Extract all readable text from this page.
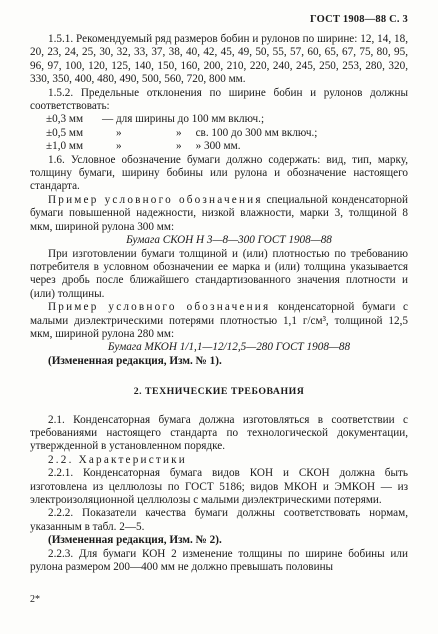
ГОСТ 1908—88 С. 3

1.5.1. Рекомендуемый ряд размеров бобин и рулонов по ширине: 12, 14, 18, 20, 23, 24, 25, 30, 32, 33, 37, 38, 40, 42, 45, 49, 50, 55, 57, 60, 65, 67, 75, 80, 95, 96, 97, 100, 120, 125, 140, 150, 160, 200, 210, 220, 240, 245, 250, 253, 280, 320, 330, 350, 400, 480, 490, 500, 560, 720, 800 мм.

1.5.2. Предельные отклонения по ширине бобин и рулонов должны соответствовать:

±0,3 мм	— для ширины до 100 мм включ.;
±0,5 мм	»	»     св. 100 до 300 мм включ.;
±1,0 мм	»	»     » 300 мм.

1.6. Условное обозначение бумаги должно содержать: вид, тип, марку, толщину бумаги, ширину бобины или рулона и обозначение настоящего стандарта.

Пример условного обозначения специальной конденсаторной бумаги повышенной надежности, низкой влажности, марки 3, толщиной 8 мкм, шириной рулона 300 мм:

Бумага СКОН Н 3—8—300 ГОСТ 1908—88

При изготовлении бумаги толщиной и (или) плотностью по требованию потребителя в условном обозначении ее марка и (или) толщина указывается через дробь после ближайшего стандартизованного значения плотности и (или) толщины.

Пример условного обозначения конденсаторной бумаги с малыми диэлектрическими потерями плотностью 1,1 г/см³, толщиной 12,5 мкм, шириной рулона 280 мм:

Бумага МКОН 1/1,1—12/12,5—280 ГОСТ 1908—88

(Измененная редакция, Изм. № 1).

2. ТЕХНИЧЕСКИЕ ТРЕБОВАНИЯ

2.1. Конденсаторная бумага должна изготовляться в соответствии с требованиями настоящего стандарта по технологической документации, утвержденной в установленном порядке.

2.2. Характеристики

2.2.1. Конденсаторная бумага видов КОН и СКОН должна быть изготовлена из целлюлозы по ГОСТ 5186; видов МКОН и ЭМКОН — из электроизоляционной целлюлозы с малыми диэлектрическими потерями.

2.2.2. Показатели качества бумаги должны соответствовать нормам, указанным в табл. 2—5.

(Измененная редакция, Изм. № 2).

2.2.3. Для бумаги КОН 2 изменение толщины по ширине бобины или рулона размером 200—400 мм не должно превышать половины

2*
